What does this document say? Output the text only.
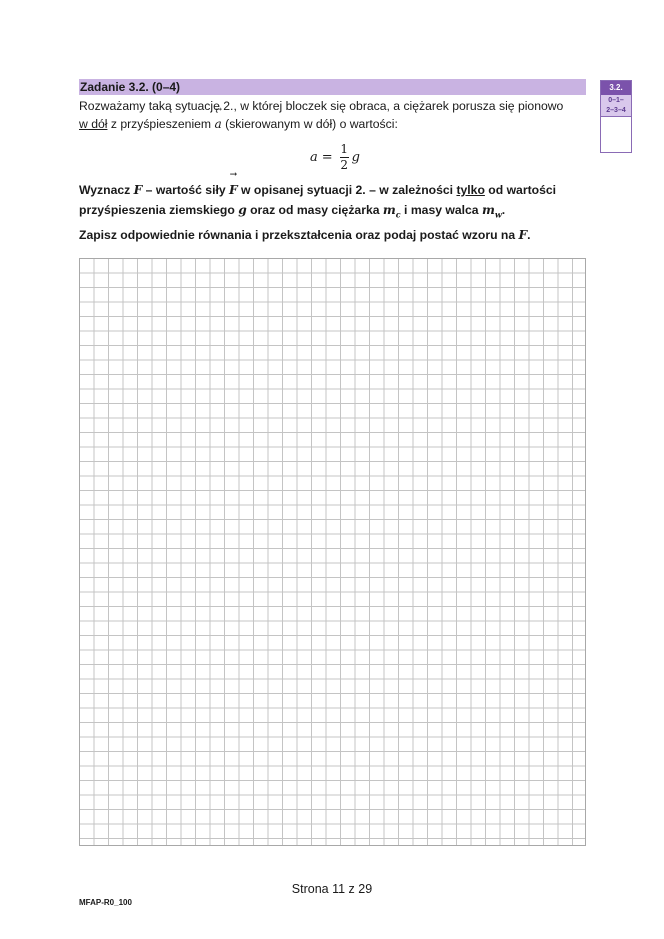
Zadanie 3.2. (0–4)
Rozważamy taką sytuację 2., w której bloczek się obraca, a ciężarek porusza się pionowo
w dół z przyśpieszeniem → a (skierowanym w dół) o wartości:
$a = \frac{1}{2}$ g
Wyznacz F – wartość siły → F w opisanej sytuacji 2. – w zależności tylko od wartości przyśpieszenia ziemskiego g oraz od masy ciężarka $m_c$ i masy walca $m_w$.
Zapisz odpowiednie równania i przekształcenia oraz podaj postać wzoru na F.
3.2.
0–1–
2–3–4
Strona 11 z 29
MFAP-R0_100
